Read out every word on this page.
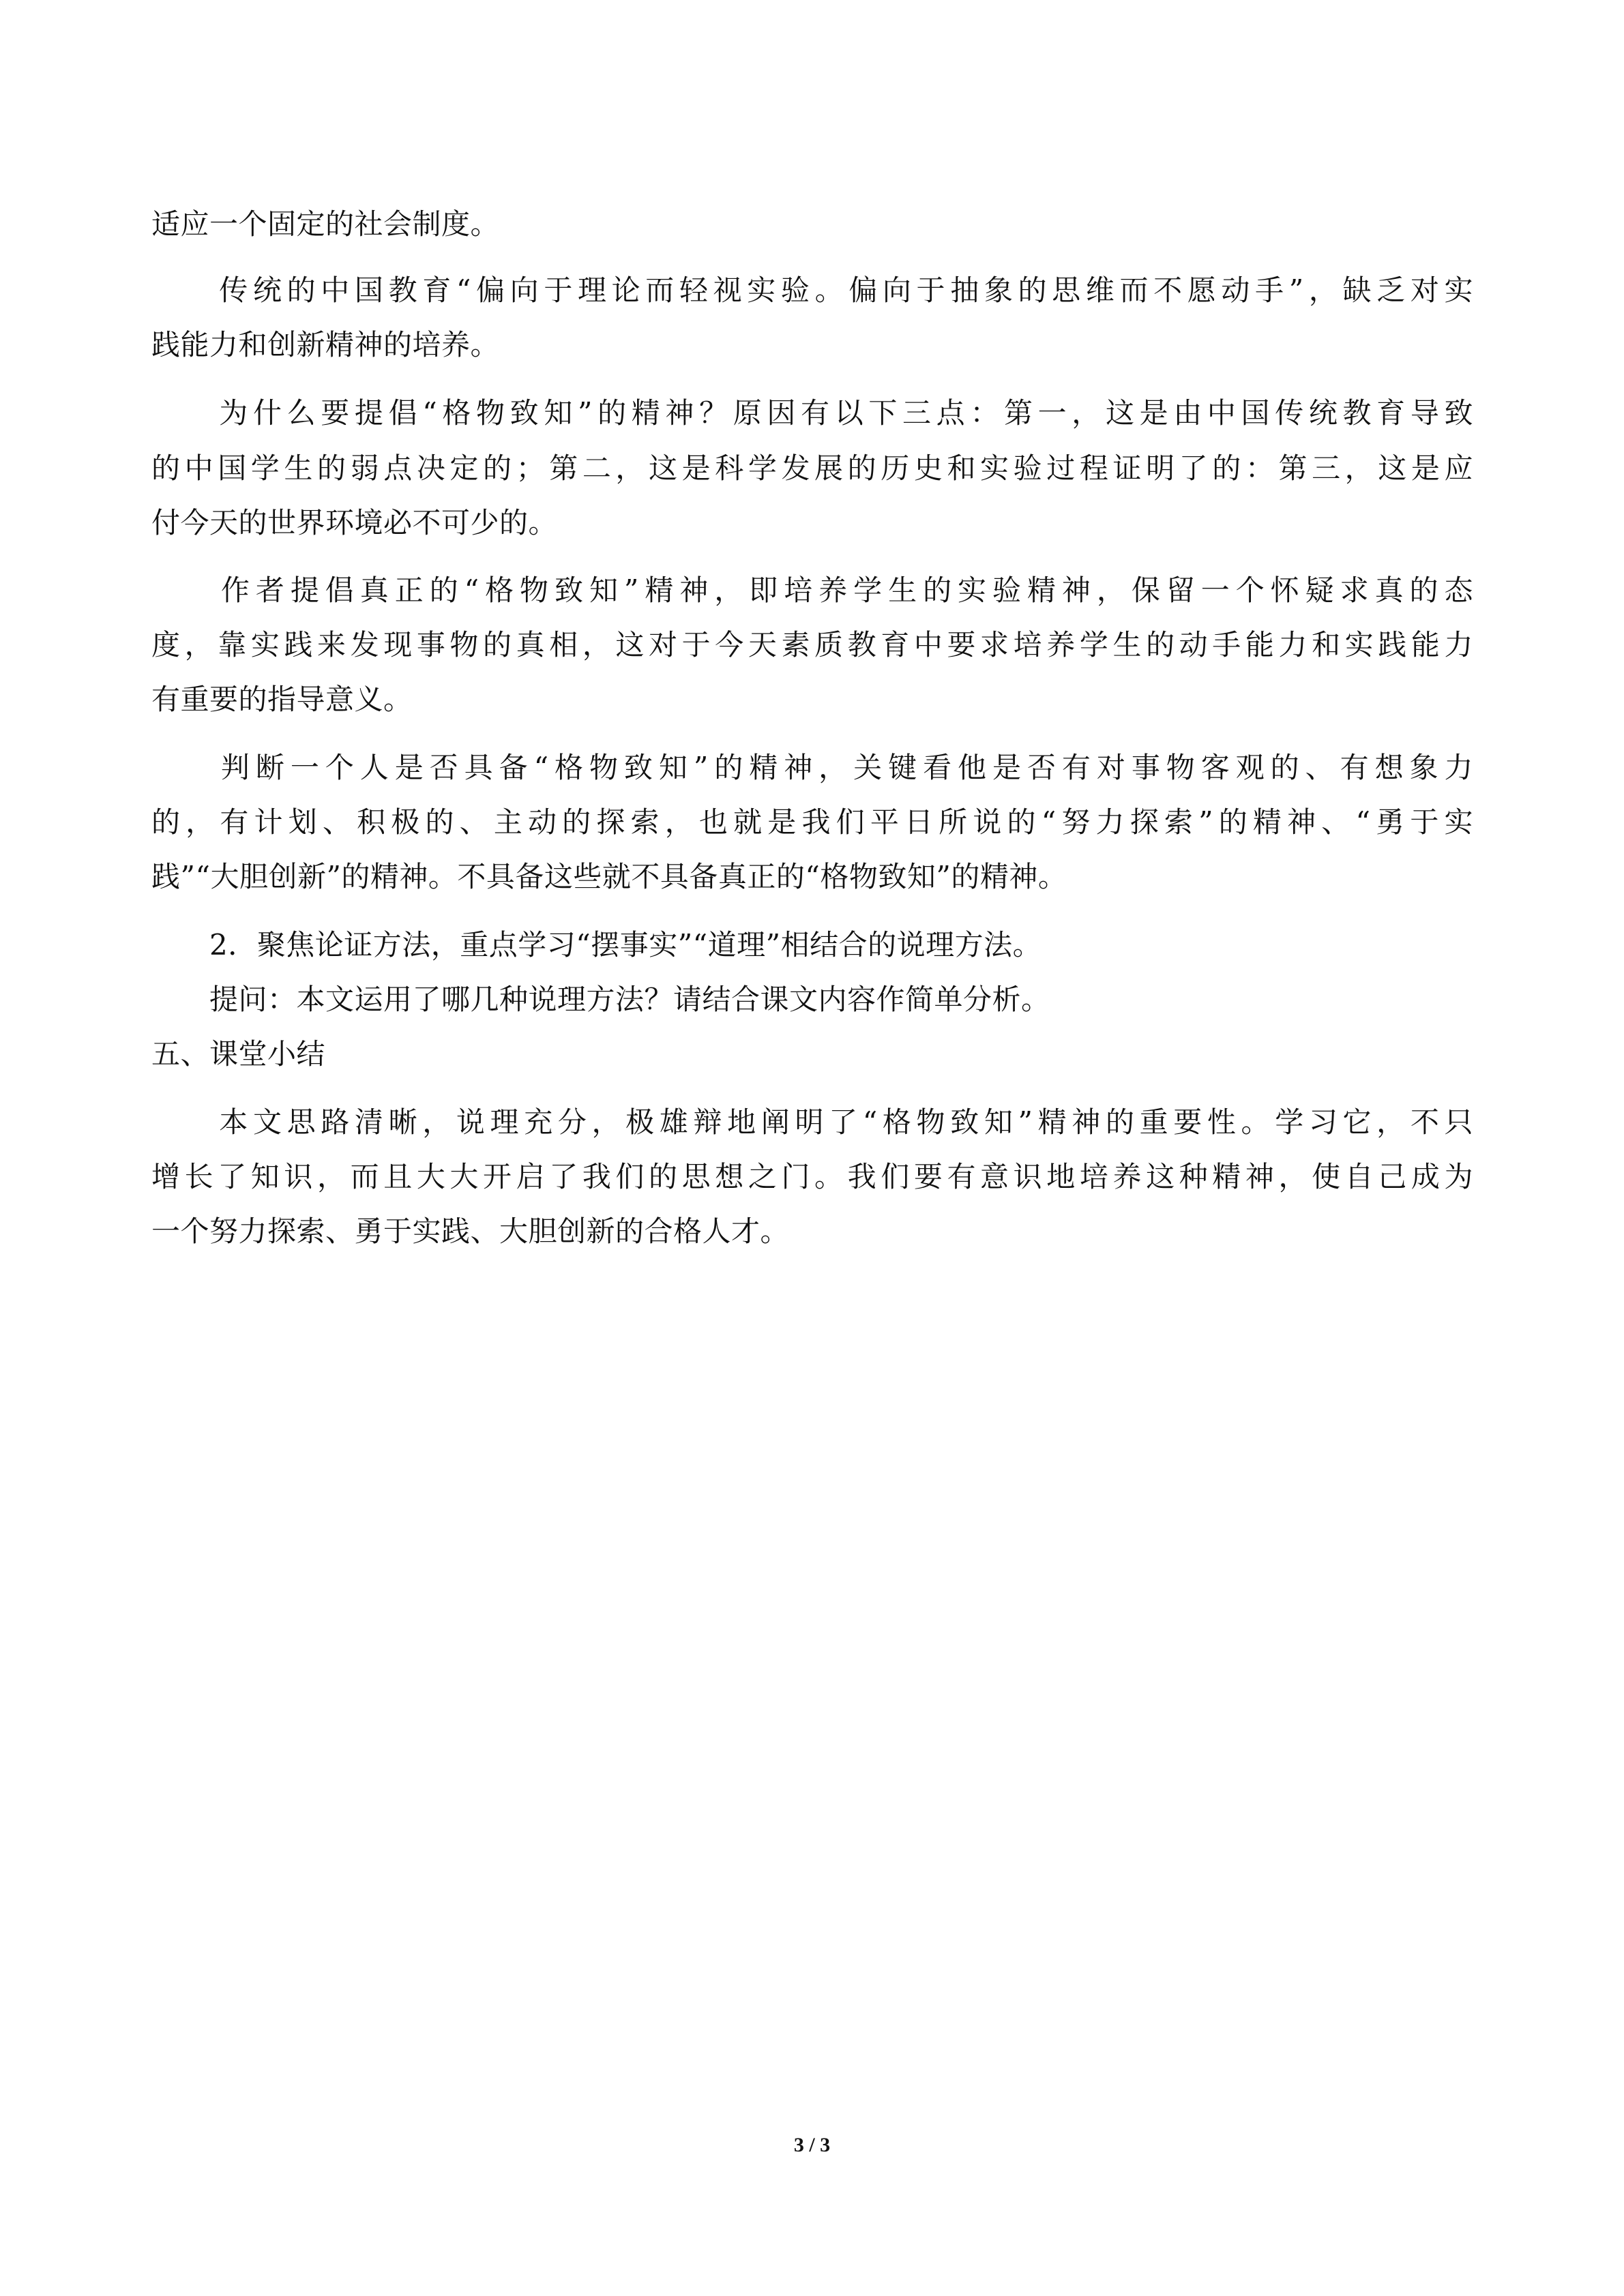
适应一个固定的社会制度。
　　传统的中国教育“偏向于理论而轻视实验。偏向于抽象的思维而不愿动手”，缺乏对实
践能力和创新精神的培养。
　　为什么要提倡“格物致知”的精神？原因有以下三点：第一，这是由中国传统教育导致
的中国学生的弱点决定的；第二，这是科学发展的历史和实验过程证明了的：第三，这是应
付今天的世界环境必不可少的。
　　作者提倡真正的“格物致知”精神，即培养学生的实验精神，保留一个怀疑求真的态
度，靠实践来发现事物的真相，这对于今天素质教育中要求培养学生的动手能力和实践能力
有重要的指导意义。
　　判断一个人是否具备“格物致知”的精神，关键看他是否有对事物客观的、有想象力
的，有计划、积极的、主动的探索，也就是我们平日所说的“努力探索”的精神、“勇于实
践”“大胆创新”的精神。不具备这些就不具备真正的“格物致知”的精神。
　　2．聚焦论证方法，重点学习“摆事实”“道理”相结合的说理方法。
　　提问：本文运用了哪几种说理方法？请结合课文内容作简单分析。
五、课堂小结
　　本文思路清晰，说理充分，极雄辩地阐明了“格物致知”精神的重要性。学习它，不只
增长了知识，而且大大开启了我们的思想之门。我们要有意识地培养这种精神，使自己成为
一个努力探索、勇于实践、大胆创新的合格人才。
3 / 3
